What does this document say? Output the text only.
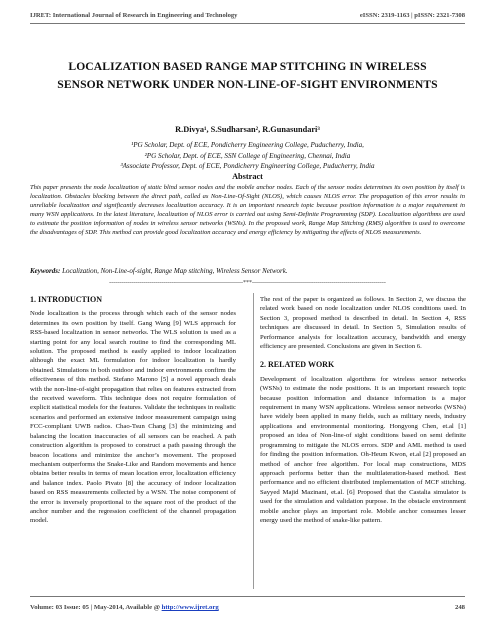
IJRET: International Journal of Research in Engineering and Technology	eISSN: 2319-1163 | pISSN: 2321-7308
LOCALIZATION BASED RANGE MAP STITCHING IN WIRELESS
SENSOR NETWORK UNDER NON-LINE-OF-SIGHT ENVIRONMENTS
R.Divya¹, S.Sudharsan², R.Gunasundari³
¹PG Scholar, Dept. of ECE, Pondicherry Engineering College, Puducherry, India,
²PG Scholar, Dept. of ECE, SSN College of Engineering, Chennai, India
³Associate Professor, Dept. of ECE, Pondicherry Engineering College, Puducherry, India
Abstract
This paper presents the node localization of static blind sensor nodes and the mobile anchor nodes. Each of the sensor nodes determines its own position by itself is localization. Obstacles blocking between the direct path, called as Non-Line-Of-Sight (NLOS), which causes NLOS error. The propagation of this error results in unreliable localization and significantly decreases localization accuracy. It is an important research topic because position information is a major requirement in many WSN applications. In the latest literature, localization of NLOS error is carried out using Semi-Definite Programming (SDP). Localization algorithms are used to estimate the position information of nodes in wireless sensor networks (WSNs). In the proposed work, Range Map Stitching (RMS) algorithm is used to overcome the disadvantages of SDP. This method can provide good localization accuracy and energy efficiency by mitigating the effects of NLOS measurements.
Keywords: Localization, Non-Line-of-sight, Range Map stitching, Wireless Sensor Network.
-------------------------------------------------------------------***-------------------------------------------------------------------
1. INTRODUCTION

Node localization is the process through which each of the sensor nodes determines its own position by itself. Gang Wang [9] WLS approach for RSS-based localization in sensor networks. The WLS solution is used as a starting point for any local search routine to find the corresponding ML solution. The proposed method is easily applied to indoor localization although the exact ML formulation for indoor localization is hardly obtained. Simulations in both outdoor and indoor environments confirm the effectiveness of this method. Stefano Marono [5] a novel approach deals with the non-line-of-sight propagation that relies on features extracted from the received waveform. This technique does not require formulation of explicit statistical models for the features. Validate the techniques in realistic scenarios and performed an extensive indoor measurement campaign using FCC-compliant UWB radios. Chao-Tsun Chang [3] the minimizing and balancing the location inaccuracies of all sensors can be reached. A path construction algorithm is proposed to construct a path passing through the beacon locations and minimize the anchor’s movement. The proposed mechanism outperforms the Snake-Like and Random movements and hence obtains better results in terms of mean location error, localization efficiency and balance index. Paolo Pivato [8] the accuracy of indoor localization based on RSS measurements collected by a WSN. The noise component of the error is inversely proportional to the square root of the product of the anchor number and the regression coefficient of the channel propagation model.

The rest of the paper is organized as follows. In Section 2, we discuss the related work based on node localization under NLOS conditions used. In Section 3, proposed method is described in detail. In Section 4, RSS techniques are discussed in detail. In Section 5, Simulation results of Performance analysis for localization accuracy, bandwidth and energy efficiency are presented. Conclusions are given in Section 6.

2. RELATED WORK

Development of localization algorithms for wireless sensor networks (WSNs) to estimate the node positions. It is an important research topic because position information and distance information is a major requirement in many WSN applications. Wireless sensor networks (WSNs) have widely been applied in many fields, such as military needs, industry applications and environmental monitoring. Hongyong Chen, et.al [1] proposed an idea of Non-line-of sight conditions based on semi definite programming to mitigate the NLOS errors. SDP and AML method is used for finding the position information. Oh-Heum Kwon, et.al [2] proposed an method of anchor free algorithm. For local map constructions, MDS approach performs better than the multilateration-based method. Best performance and no efficient distributed implementation of MCF stitching. Sayyed Majid Mazinani, et.al. [6] Proposed that the Castalia simulator is used for the simulation and validation purpose. In the obstacle environment mobile anchor plays an important role. Mobile anchor consumes lesser energy used the method of snake-like pattern.

Volume: 03 Issue: 05 | May-2014, Available @ http://www.ijret.org	248
